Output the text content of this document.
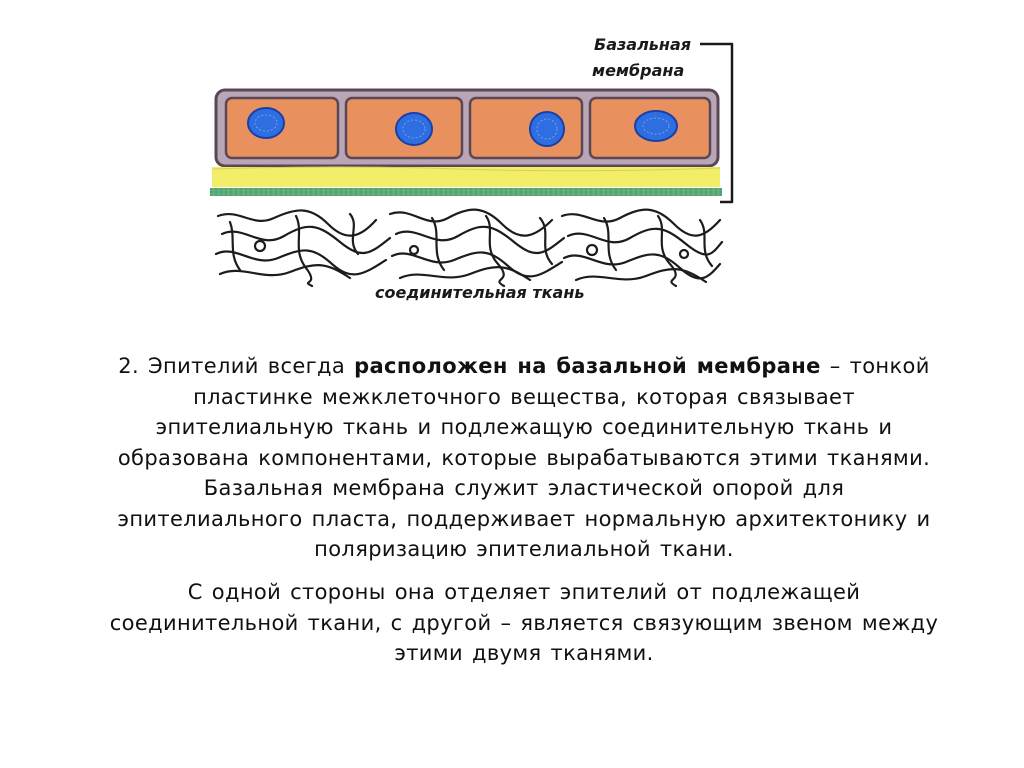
Базальная
мембрана
соединительная ткань
2. Эпителий всегда расположен на базальной мембране – тонкой
пластинке межклеточного вещества, которая связывает
эпителиальную ткань и подлежащую соединительную ткань и
образована компонентами, которые вырабатываются этими тканями.
Базальная мембрана служит эластической опорой для
эпителиального пласта, поддерживает нормальную архитектонику и
поляризацию эпителиальной ткани.
С одной стороны она отделяет эпителий от подлежащей
соединительной ткани, с другой – является связующим звеном между
этими двумя тканями.
